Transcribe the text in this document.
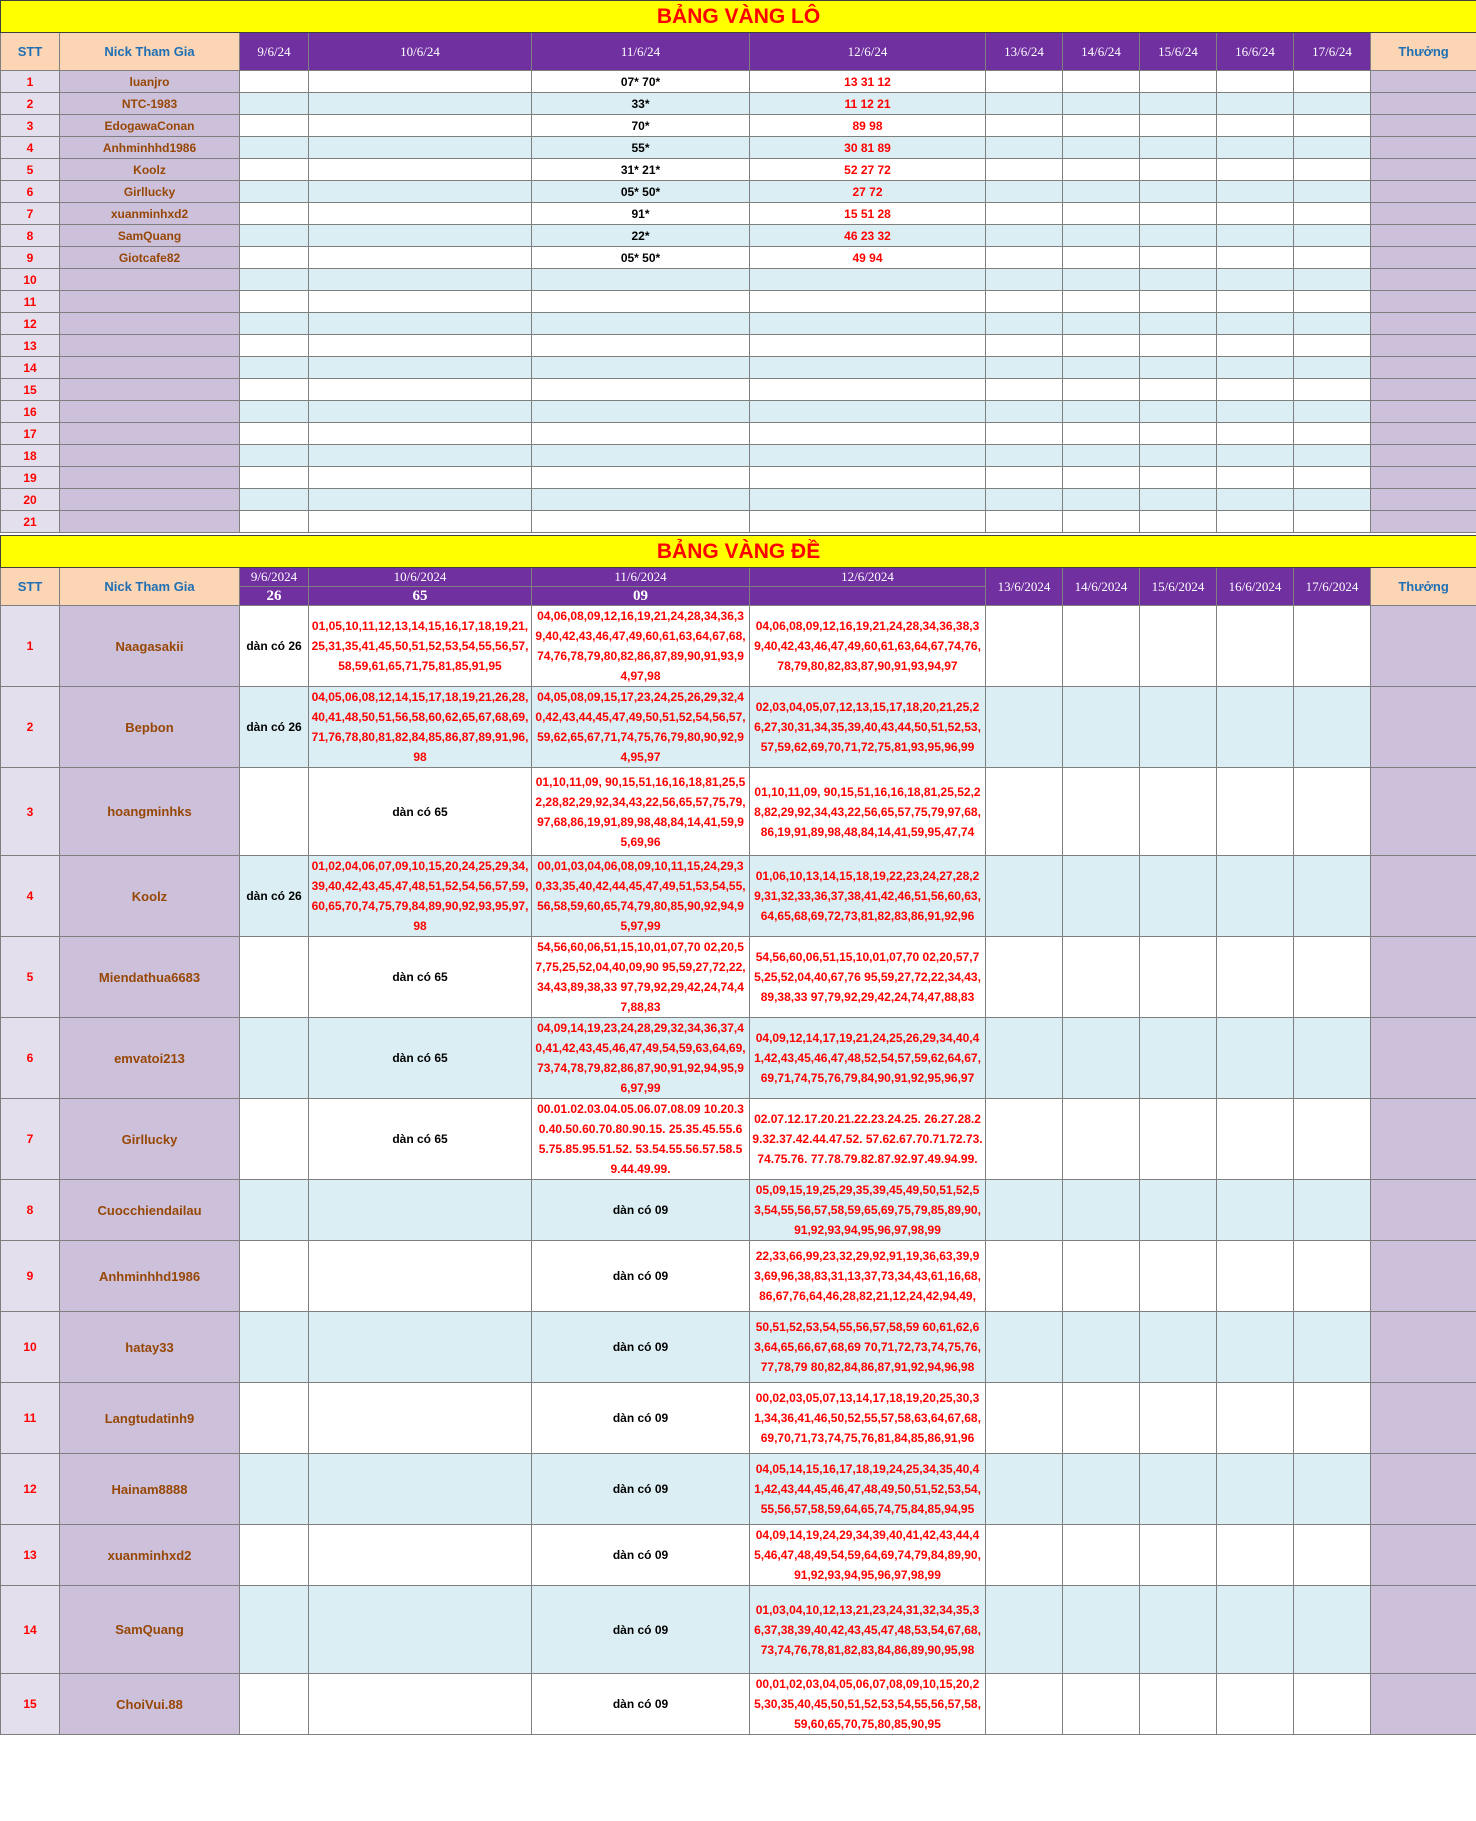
BẢNG VÀNG LÔ											
STT	Nick Tham Gia	9/6/24	10/6/24	11/6/24	12/6/24	13/6/24	14/6/24	15/6/24	16/6/24	17/6/24	Thưởng
1	luanjro			07* 70*	13 31 12						
2	NTC-1983			33*	11 12 21						
3	EdogawaConan			70*	89 98						
4	Anhminhhd1986			55*	30 81 89						
5	Koolz			31* 21*	52 27 72						
6	Girllucky			05* 50*	27 72						
7	xuanminhxd2			91*	15 51 28						
8	SamQuang			22*	46 23 32						
9	Giotcafe82			05* 50*	49 94						
10											
11											
12											
13											
14											
15											
16											
17											
18											
19											
20											
21											
BẢNG VÀNG ĐỀ											
STT	Nick Tham Gia	9/6/2024	10/6/2024	11/6/2024	12/6/2024	13/6/2024	14/6/2024	15/6/2024	16/6/2024	17/6/2024	Thưởng
		26	65	09							
1	Naagasakii	dàn có 26	01,05,10,11,12,13,14,15,16,17,18,19,21,25,31,35,41,45,50,51,52,53,54,55,56,57,58,59,61,65,71,75,81,85,91,95	04,06,08,09,12,16,19,21,24,28,34,36,39,40,42,43,46,47,49,60,61,63,64,67,68,74,76,78,79,80,82,86,87,89,90,91,93,94,97,98	04,06,08,09,12,16,19,21,24,28,34,36,38,39,40,42,43,46,47,49,60,61,63,64,67,74,76,78,79,80,82,83,87,90,91,93,94,97						
2	Bepbon	dàn có 26	04,05,06,08,12,14,15,17,18,19,21,26,28,40,41,48,50,51,56,58,60,62,65,67,68,69,71,76,78,80,81,82,84,85,86,87,89,91,96,98	04,05,08,09,15,17,23,24,25,26,29,32,40,42,43,44,45,47,49,50,51,52,54,56,57,59,62,65,67,71,74,75,76,79,80,90,92,94,95,97	02,03,04,05,07,12,13,15,17,18,20,21,25,26,27,30,31,34,35,39,40,43,44,50,51,52,53,57,59,62,69,70,71,72,75,81,93,95,96,99						
3	hoangminhks		dàn có 65	01,10,11,09, 90,15,51,16,16,18,81,25,52,28,82,29,92,34,43,22,56,65,57,75,79,97,68,86,19,91,89,98,48,84,14,41,59,95,69,96	01,10,11,09, 90,15,51,16,16,18,81,25,52,28,82,29,92,34,43,22,56,65,57,75,79,97,68,86,19,91,89,98,48,84,14,41,59,95,47,74						
4	Koolz	dàn có 26	01,02,04,06,07,09,10,15,20,24,25,29,34,39,40,42,43,45,47,48,51,52,54,56,57,59,60,65,70,74,75,79,84,89,90,92,93,95,97,98	00,01,03,04,06,08,09,10,11,15,24,29,30,33,35,40,42,44,45,47,49,51,53,54,55,56,58,59,60,65,74,79,80,85,90,92,94,95,97,99	01,06,10,13,14,15,18,19,22,23,24,27,28,29,31,32,33,36,37,38,41,42,46,51,56,60,63,64,65,68,69,72,73,81,82,83,86,91,92,96						
5	Miendathua6683		dàn có 65	54,56,60,06,51,15,10,01,07,70 02,20,57,75,25,52,04,40,09,90 95,59,27,72,22,34,43,89,38,33 97,79,92,29,42,24,74,47,88,83	54,56,60,06,51,15,10,01,07,70 02,20,57,75,25,52,04,40,67,76 95,59,27,72,22,34,43,89,38,33 97,79,92,29,42,24,74,47,88,83						
6	emvatoi213		dàn có 65	04,09,14,19,23,24,28,29,32,34,36,37,40,41,42,43,45,46,47,49,54,59,63,64,69,73,74,78,79,82,86,87,90,91,92,94,95,96,97,99	04,09,12,14,17,19,21,24,25,26,29,34,40,41,42,43,45,46,47,48,52,54,57,59,62,64,67,69,71,74,75,76,79,84,90,91,92,95,96,97						
7	Girllucky		dàn có 65	00.01.02.03.04.05.06.07.08.09 10.20.30.40.50.60.70.80.90.15. 25.35.45.55.65.75.85.95.51.52. 53.54.55.56.57.58.59.44.49.99.	02.07.12.17.20.21.22.23.24.25. 26.27.28.29.32.37.42.44.47.52. 57.62.67.70.71.72.73.74.75.76. 77.78.79.82.87.92.97.49.94.99.						
8	Cuocchiendailau			dàn có 09	05,09,15,19,25,29,35,39,45,49,50,51,52,53,54,55,56,57,58,59,65,69,75,79,85,89,90,91,92,93,94,95,96,97,98,99						
9	Anhminhhd1986			dàn có 09	22,33,66,99,23,32,29,92,91,19,36,63,39,93,69,96,38,83,31,13,37,73,34,43,61,16,68,86,67,76,64,46,28,82,21,12,24,42,94,49,						
10	hatay33			dàn có 09	50,51,52,53,54,55,56,57,58,59 60,61,62,63,64,65,66,67,68,69 70,71,72,73,74,75,76,77,78,79 80,82,84,86,87,91,92,94,96,98						
11	Langtudatinh9			dàn có 09	00,02,03,05,07,13,14,17,18,19,20,25,30,31,34,36,41,46,50,52,55,57,58,63,64,67,68,69,70,71,73,74,75,76,81,84,85,86,91,96						
12	Hainam8888			dàn có 09	04,05,14,15,16,17,18,19,24,25,34,35,40,41,42,43,44,45,46,47,48,49,50,51,52,53,54,55,56,57,58,59,64,65,74,75,84,85,94,95						
13	xuanminhxd2			dàn có 09	04,09,14,19,24,29,34,39,40,41,42,43,44,45,46,47,48,49,54,59,64,69,74,79,84,89,90,91,92,93,94,95,96,97,98,99						
14	SamQuang			dàn có 09	01,03,04,10,12,13,21,23,24,31,32,34,35,36,37,38,39,40,42,43,45,47,48,53,54,67,68,73,74,76,78,81,82,83,84,86,89,90,95,98						
15	ChoiVui.88			dàn có 09	00,01,02,03,04,05,06,07,08,09,10,15,20,25,30,35,40,45,50,51,52,53,54,55,56,57,58,59,60,65,70,75,80,85,90,95						
